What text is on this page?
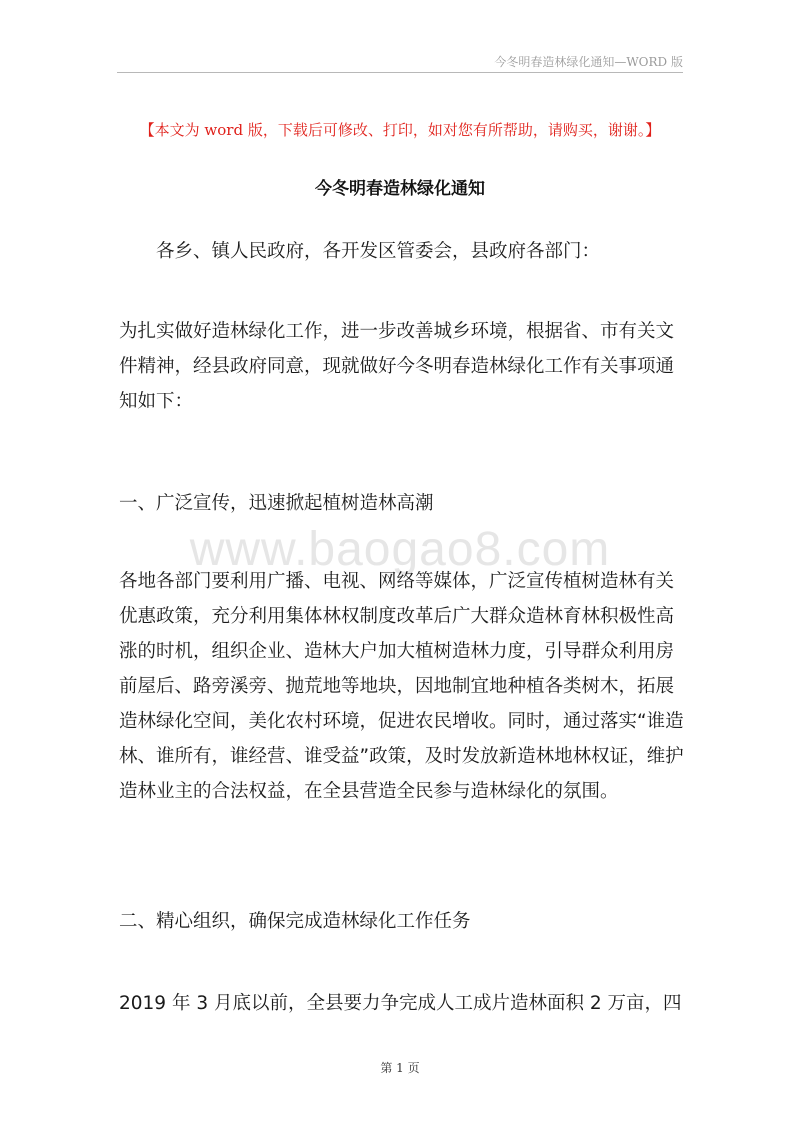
今冬明春造林绿化通知—WORD 版
【本文为 word 版，下载后可修改、打印，如对您有所帮助，请购买，谢谢。】
今冬明春造林绿化通知
各乡、镇人民政府，各开发区管委会，县政府各部门：
为扎实做好造林绿化工作，进一步改善城乡环境，根据省、市有关文件精神，经县政府同意，现就做好今冬明春造林绿化工作有关事项通知如下：
一、广泛宣传，迅速掀起植树造林高潮
www.baogao8.com
各地各部门要利用广播、电视、网络等媒体，广泛宣传植树造林有关优惠政策，充分利用集体林权制度改革后广大群众造林育林积极性高涨的时机，组织企业、造林大户加大植树造林力度，引导群众利用房前屋后、路旁溪旁、抛荒地等地块，因地制宜地种植各类树木，拓展造林绿化空间，美化农村环境，促进农民增收。同时，通过落实“谁造林、谁所有，谁经营、谁受益”政策，及时发放新造林地林权证，维护造林业主的合法权益，在全县营造全民参与造林绿化的氛围。
二、精心组织，确保完成造林绿化工作任务
2019 年 3 月底以前，全县要力争完成人工成片造林面积 2 万亩，四
第 1 页
